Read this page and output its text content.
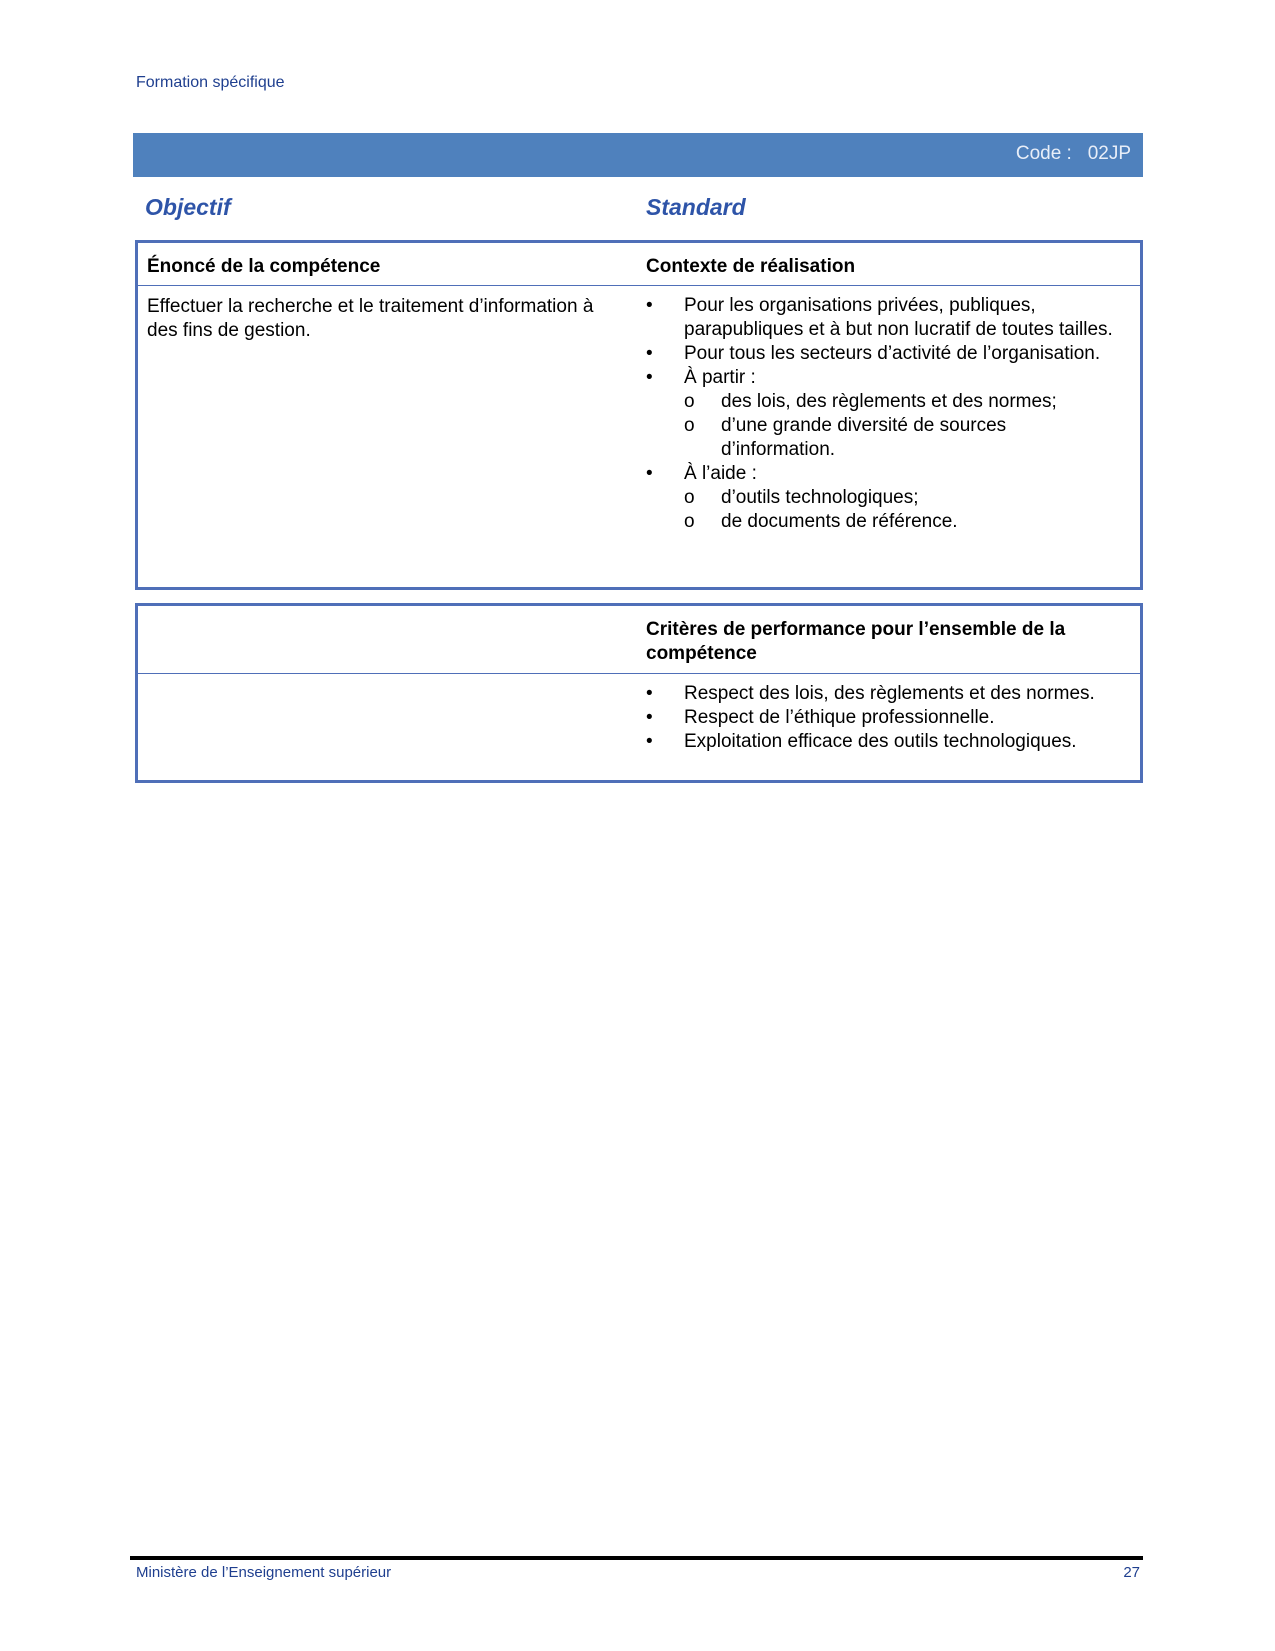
Formation spécifique
Code : 02JP
Objectif	Standard
Énoncé de la compétence	Contexte de réalisation
Effectuer la recherche et le traitement d’information à des fins de gestion.
• Pour les organisations privées, publiques, parapubliques et à but non lucratif de toutes tailles.
• Pour tous les secteurs d’activité de l’organisation.
• À partir :
o des lois, des règlements et des normes;
o d’une grande diversité de sources d’information.
• À l’aide :
o d’outils technologiques;
o de documents de référence.
Critères de performance pour l’ensemble de la compétence
• Respect des lois, des règlements et des normes.
• Respect de l’éthique professionnelle.
• Exploitation efficace des outils technologiques.
Ministère de l’Enseignement supérieur	27
